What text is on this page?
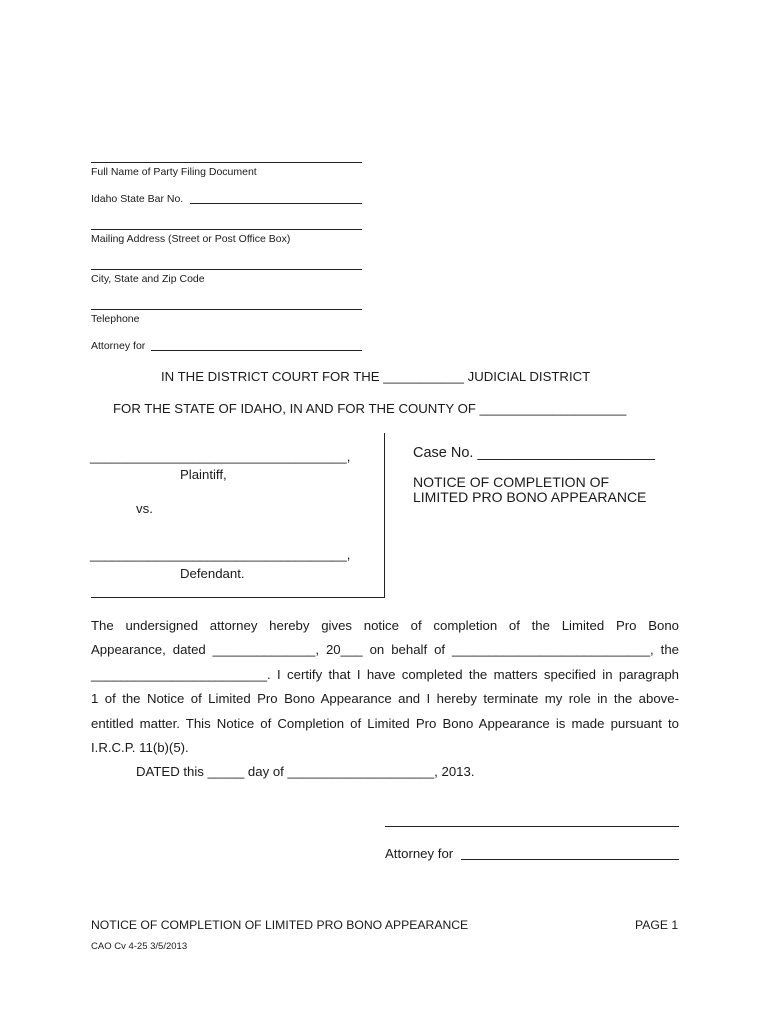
Full Name of Party Filing Document
Idaho State Bar No.
Mailing Address (Street or Post Office Box)
City, State and Zip Code
Telephone
Attorney for
IN THE DISTRICT COURT FOR THE ___________ JUDICIAL DISTRICT
FOR THE STATE OF IDAHO, IN AND FOR THE COUNTY OF ____________________
___________________________________,
Plaintiff,
vs.
___________________________________,
Defendant.
Case No. ______________________
NOTICE OF COMPLETION OF
LIMITED PRO BONO APPEARANCE
The undersigned attorney hereby gives notice of completion of the Limited Pro Bono
Appearance, dated ______________, 20___ on behalf of ___________________________, the
________________________. I certify that I have completed the matters specified in paragraph
1 of the Notice of Limited Pro Bono Appearance and I hereby terminate my role in the above-
entitled matter. This Notice of Completion of Limited Pro Bono Appearance is made pursuant to
I.R.C.P. 11(b)(5).
DATED this _____ day of ____________________, 2013.
Attorney for
NOTICE OF COMPLETION OF LIMITED PRO BONO APPEARANCE	PAGE 1
CAO Cv 4-25 3/5/2013
